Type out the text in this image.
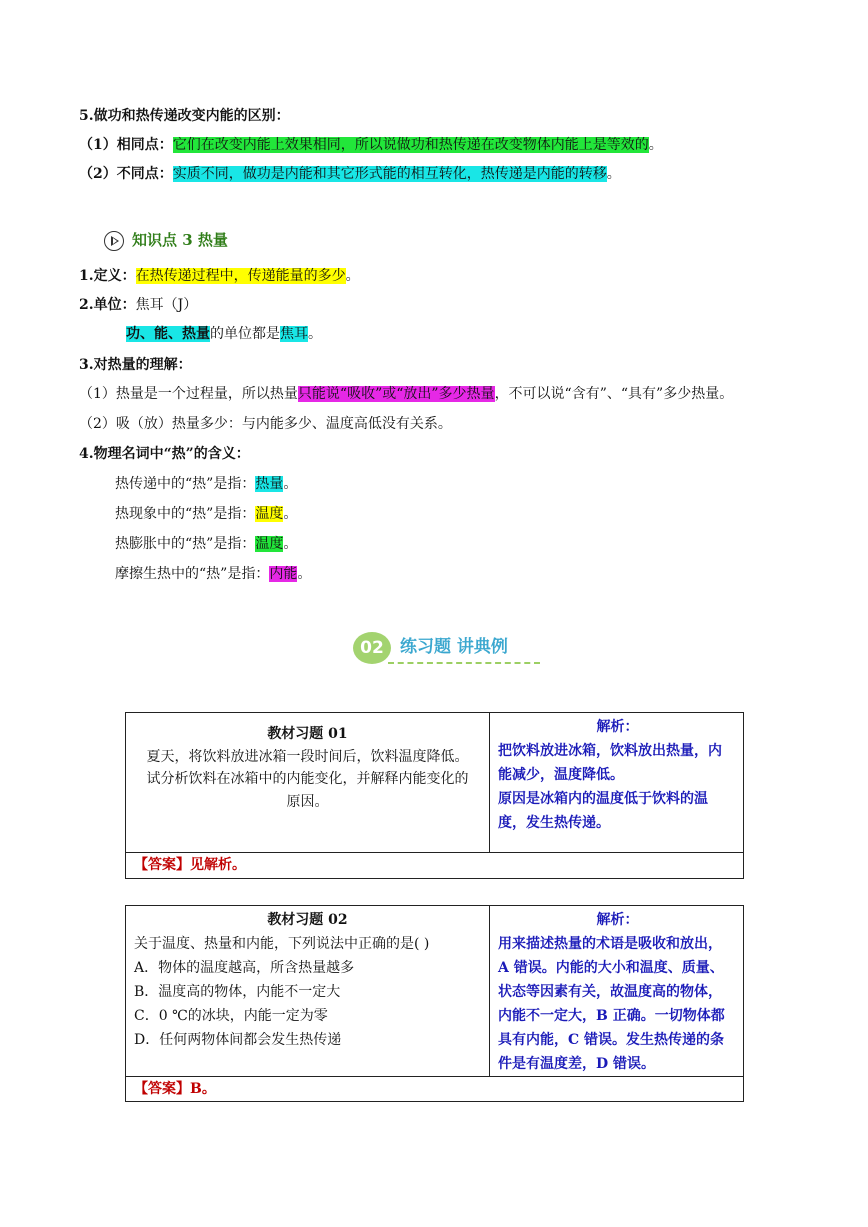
5.做功和热传递改变内能的区别：
（1）相同点：它们在改变内能上效果相同，所以说做功和热传递在改变物体内能上是等效的。
（2）不同点：实质不同，做功是内能和其它形式能的相互转化，热传递是内能的转移。
知识点 3 热量
1.定义：在热传递过程中，传递能量的多少。
2.单位：焦耳（J）
功、能、热量的单位都是焦耳。
3.对热量的理解：
（1）热量是一个过程量，所以热量只能说“吸收”或“放出”多少热量，不可以说“含有”、“具有”多少热量。
（2）吸（放）热量多少：与内能多少、温度高低没有关系。
4.物理名词中“热”的含义：
热传递中的“热”是指：热量。
热现象中的“热”是指：温度。
热膨胀中的“热”是指：温度。
摩擦生热中的“热”是指：内能。
02 练习题 讲典例
教材习题 01
夏天，将饮料放进冰箱一段时间后，饮料温度降低。
试分析饮料在冰箱中的内能变化，并解释内能变化的
原因。

解析：
把饮料放进冰箱，饮料放出热量，内
能减少，温度降低。
原因是冰箱内的温度低于饮料的温
度，发生热传递。

【答案】见解析。
教材习题 02
关于温度、热量和内能，下列说法中正确的是( )
A．物体的温度越高，所含热量越多
B．温度高的物体，内能不一定大
C．0 ℃的冰块，内能一定为零
D．任何两物体间都会发生热传递

解析：
用来描述热量的术语是吸收和放出，
A 错误。内能的大小和温度、质量、
状态等因素有关，故温度高的物体，
内能不一定大，B 正确。一切物体都
具有内能，C 错误。发生热传递的条
件是有温度差，D 错误。

【答案】B。
